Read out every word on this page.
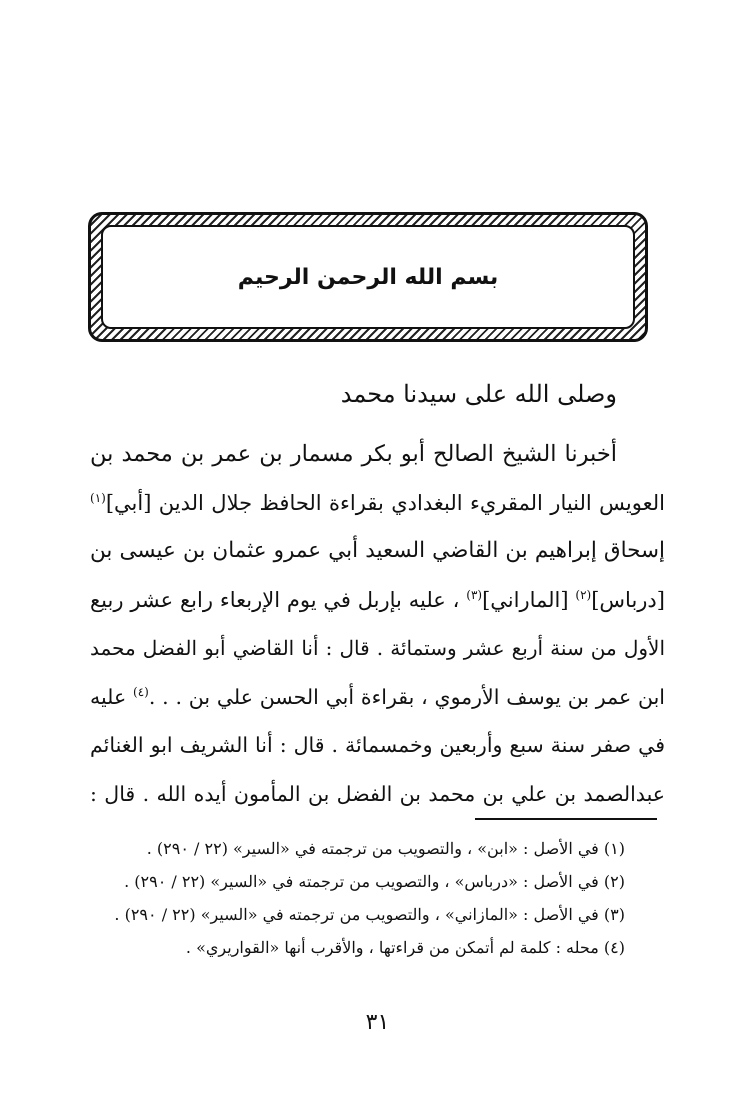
بسم الله الرحمن الرحيم
وصلى الله على سيدنا محمد
أخبرنا الشيخ الصالح أبو بكر مسمار بن عمر بن محمد بن
العويس النيار المقريء البغدادي بقراءة الحافظ جلال الدين [أبي]$^{(١)}$
إسحاق إبراهيم بن القاضي السعيد أبي عمرو عثمان بن عيسى بن
[درباس]$^{(٢)}$ [الماراني]$^{(٣)}$ ، عليه بإربل في يوم الإربعاء رابع عشر ربيع
الأول من سنة أربع عشر وستمائة . قال : أنا القاضي أبو الفضل محمد
ابن عمر بن يوسف الأرموي ، بقراءة أبي الحسن علي بن . . .$^{(٤)}$ عليه
في صفر سنة سبع وأربعين وخمسمائة . قال : أنا الشريف ابو الغنائم
عبدالصمد بن علي بن محمد بن الفضل بن المأمون أيده الله . قال :
(١) في الأصل : «ابن» ، والتصويب من ترجمته في «السير» (٢٢ / ٢٩٠) .
(٢) في الأصل : «درباس» ، والتصويب من ترجمته في «السير» (٢٢ / ٢٩٠) .
(٣) في الأصل : «المازاني» ، والتصويب من ترجمته في «السير» (٢٢ / ٢٩٠) .
(٤) محله : كلمة لم أتمكن من قراءتها ، والأقرب أنها «القواريري» .
٣١
